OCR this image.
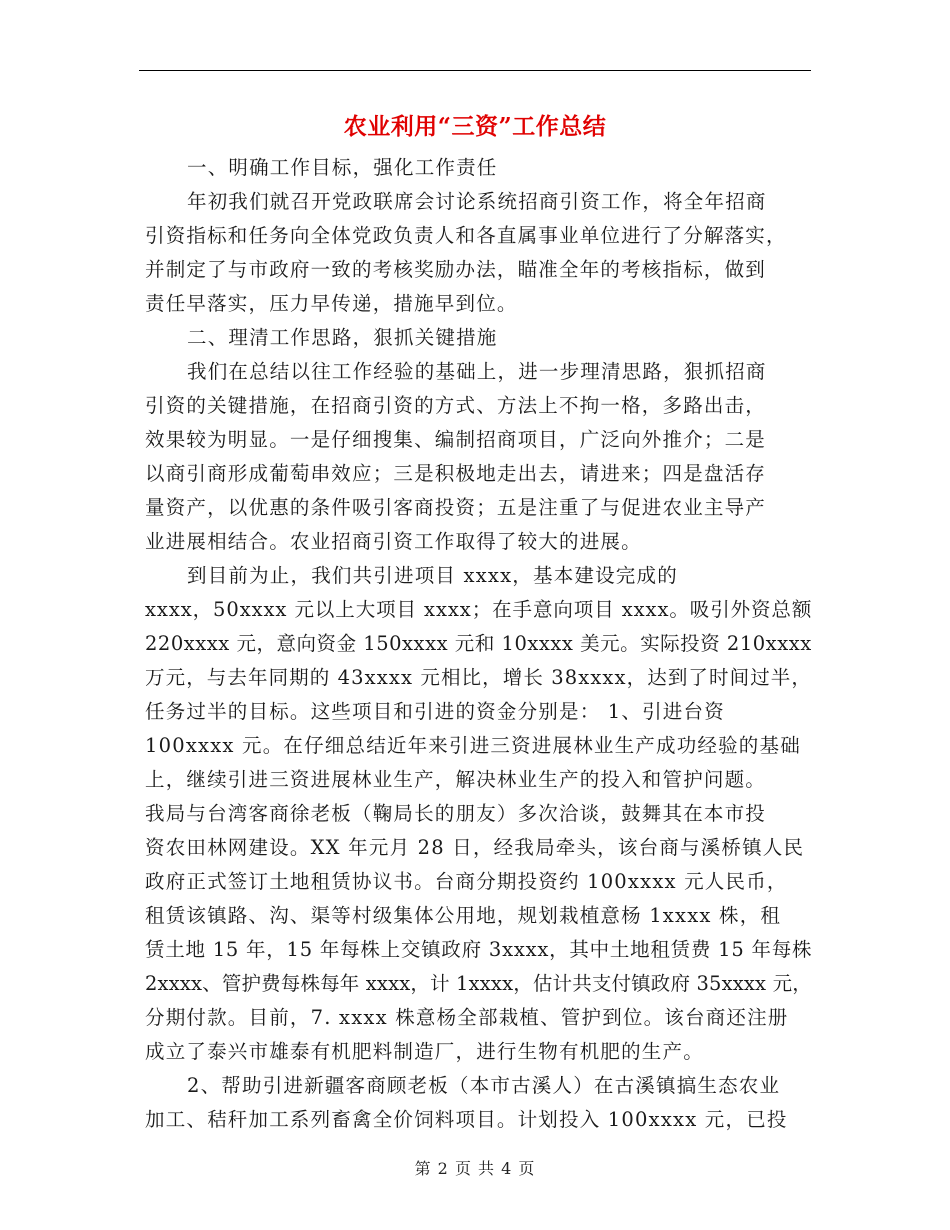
农业利用“三资”工作总结
一、明确工作目标，强化工作责任
年初我们就召开党政联席会讨论系统招商引资工作，将全年招商
引资指标和任务向全体党政负责人和各直属事业单位进行了分解落实，
并制定了与市政府一致的考核奖励办法，瞄准全年的考核指标，做到
责任早落实，压力早传递，措施早到位。
二、理清工作思路，狠抓关键措施
我们在总结以往工作经验的基础上，进一步理清思路，狠抓招商
引资的关键措施，在招商引资的方式、方法上不拘一格，多路出击，
效果较为明显。一是仔细搜集、编制招商项目，广泛向外推介；二是
以商引商形成葡萄串效应；三是积极地走出去，请进来；四是盘活存
量资产，以优惠的条件吸引客商投资；五是注重了与促进农业主导产
业进展相结合。农业招商引资工作取得了较大的进展。
到目前为止，我们共引进项目 xxxx，基本建设完成的
xxxx，50xxxx 元以上大项目 xxxx；在手意向项目 xxxx。吸引外资总额
220xxxx 元，意向资金 150xxxx 元和 10xxxx 美元。实际投资 210xxxx
万元，与去年同期的 43xxxx 元相比，增长 38xxxx，达到了时间过半，
任务过半的目标。这些项目和引进的资金分别是： 1、引进台资
100xxxx 元。在仔细总结近年来引进三资进展林业生产成功经验的基础
上，继续引进三资进展林业生产，解决林业生产的投入和管护问题。
我局与台湾客商徐老板（鞠局长的朋友）多次洽谈，鼓舞其在本市投
资农田林网建设。XX 年元月 28 日，经我局牵头，该台商与溪桥镇人民
政府正式签订土地租赁协议书。台商分期投资约 100xxxx 元人民币，
租赁该镇路、沟、渠等村级集体公用地，规划栽植意杨 1xxxx 株，租
赁土地 15 年，15 年每株上交镇政府 3xxxx，其中土地租赁费 15 年每株
2xxxx、管护费每株每年 xxxx，计 1xxxx，估计共支付镇政府 35xxxx 元，
分期付款。目前，7. xxxx 株意杨全部栽植、管护到位。该台商还注册
成立了泰兴市雄泰有机肥料制造厂，进行生物有机肥的生产。
2、帮助引进新疆客商顾老板（本市古溪人）在古溪镇搞生态农业
加工、秸秆加工系列畜禽全价饲料项目。计划投入 100xxxx 元，已投
第 2 页 共 4 页
